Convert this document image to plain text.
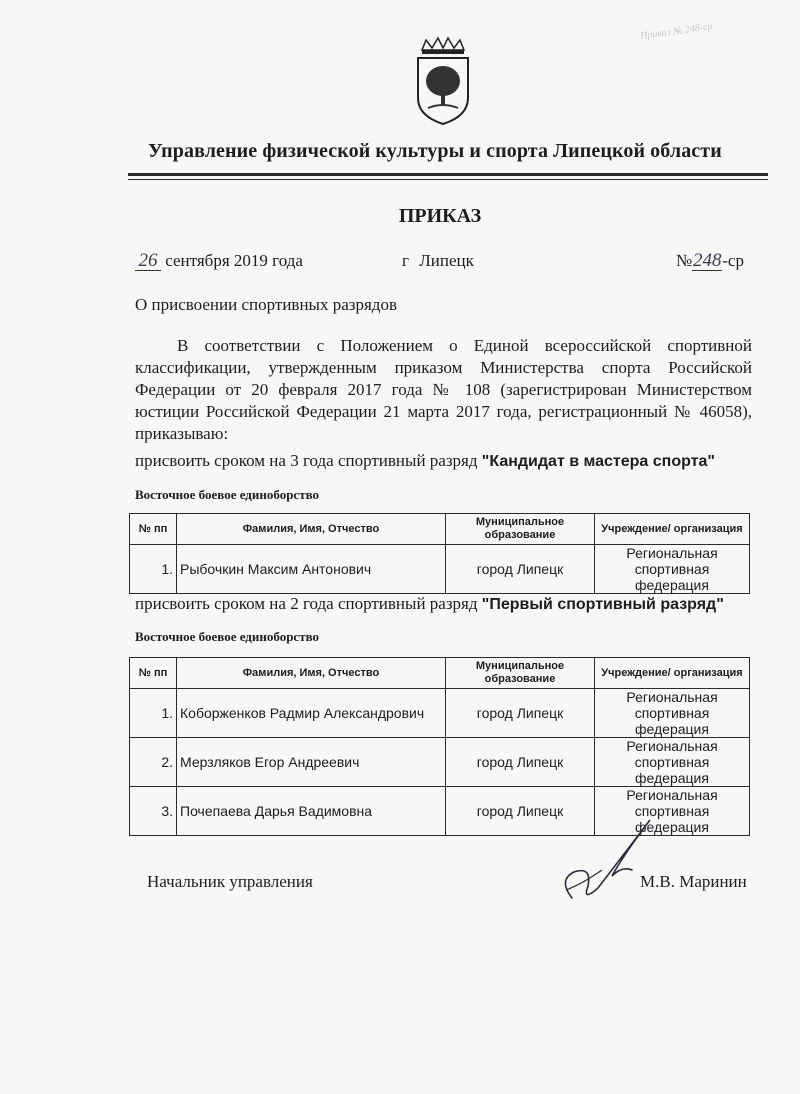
Управление физической культуры и спорта Липецкой области
ПРИКАЗ
26 сентября 2019 года	г Липецк	№248-ср
О присвоении спортивных разрядов
В соответствии с Положением о Единой всероссийской спортивной классификации, утвержденным приказом Министерства спорта Российской Федерации от 20 февраля 2017 года № 108 (зарегистрирован Министерством юстиции Российской Федерации 21 марта 2017 года, регистрационный № 46058), приказываю:
присвоить сроком на 3 года спортивный разряд "Кандидат в мастера спорта"
Восточное боевое единоборство
№ пп	Фамилия, Имя, Отчество	Муниципальное образование	Учреждение/ организация
1.	Рыбочкин Максим Антонович	город Липецк	Региональная спортивная федерация
присвоить сроком на 2 года спортивный разряд "Первый спортивный разряд"
Восточное боевое единоборство
№ пп	Фамилия, Имя, Отчество	Муниципальное образование	Учреждение/ организация
1.	Коборженков Радмир Александрович	город Липецк	Региональная спортивная федерация
2.	Мерзляков Егор Андреевич	город Липецк	Региональная спортивная федерация
3.	Почепаева Дарья Вадимовна	город Липецк	Региональная спортивная федерация
Начальник управления	М.В. Маринин
Приказ № 248-ср
